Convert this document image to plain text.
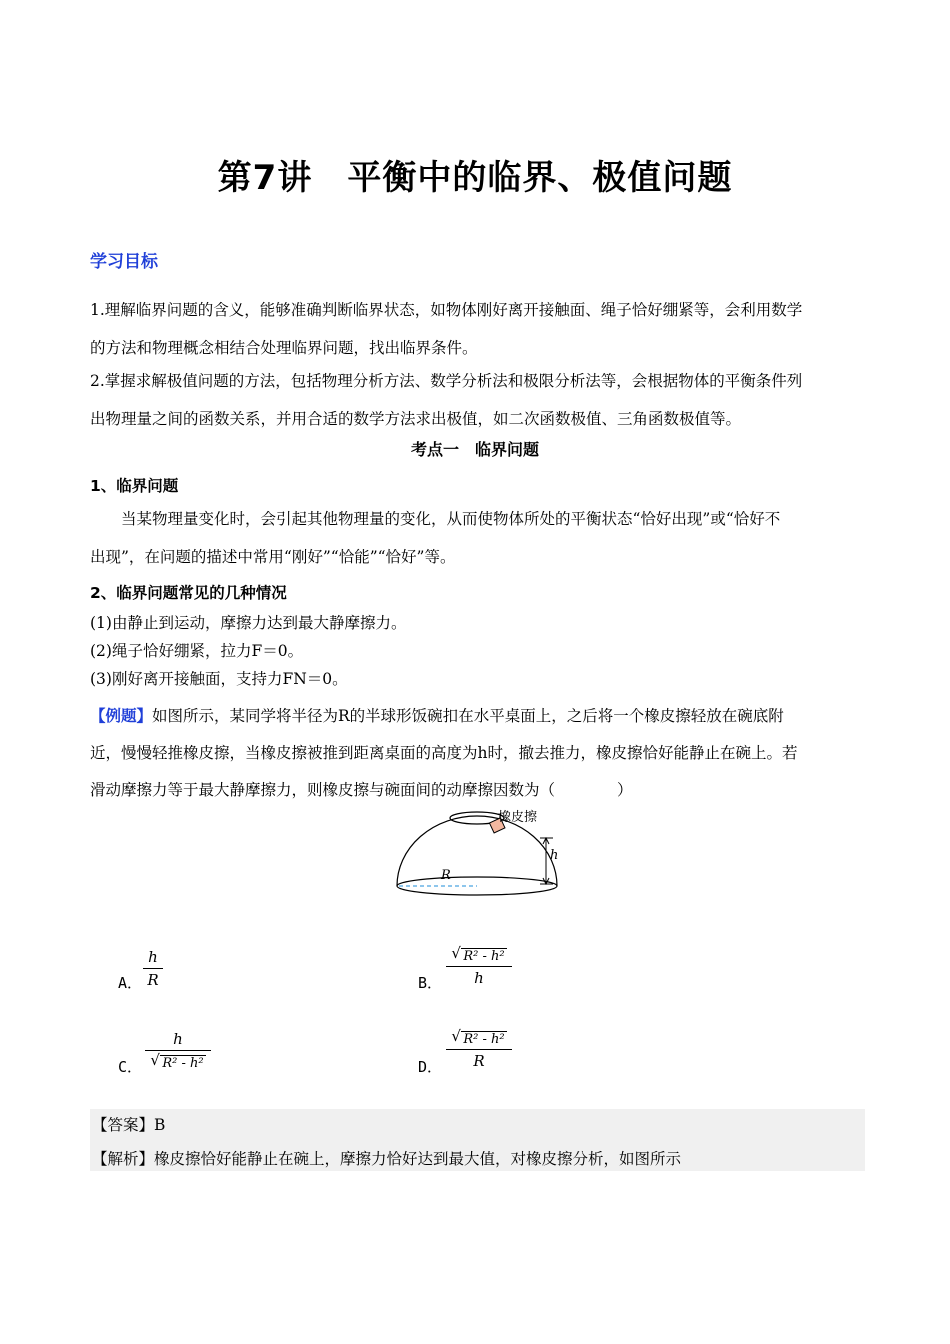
第7讲　平衡中的临界、极值问题
学习目标
1.理解临界问题的含义，能够准确判断临界状态，如物体刚好离开接触面、绳子恰好绷紧等，会利用数学
的方法和物理概念相结合处理临界问题，找出临界条件。
2.掌握求解极值问题的方法，包括物理分析方法、数学分析法和极限分析法等，会根据物体的平衡条件列
出物理量之间的函数关系，并用合适的数学方法求出极值，如二次函数极值、三角函数极值等。
考点一　临界问题
1、临界问题
当某物理量变化时，会引起其他物理量的变化，从而使物体所处的平衡状态“恰好出现”或“恰好不
出现”，在问题的描述中常用“刚好”“恰能”“恰好”等。
2、临界问题常见的几种情况
(1)由静止到运动，摩擦力达到最大静摩擦力。
(2)绳子恰好绷紧，拉力F＝0。
(3)刚好离开接触面，支持力FN＝0。
【例题】如图所示，某同学将半径为R的半球形饭碗扣在水平桌面上，之后将一个橡皮擦轻放在碗底附
近，慢慢轻推橡皮擦，当橡皮擦被推到距离桌面的高度为h时，撤去推力，橡皮擦恰好能静止在碗上。若
滑动摩擦力等于最大静摩擦力，则橡皮擦与碗面间的动摩擦因数为（　　　　）
橡皮擦
h
R
A．
h
R	B．
√ R² - h²
h
C．
h
√ R² - h²	D．
√ R² - h²
R
【答案】B
【解析】橡皮擦恰好能静止在碗上，摩擦力恰好达到最大值，对橡皮擦分析，如图所示
